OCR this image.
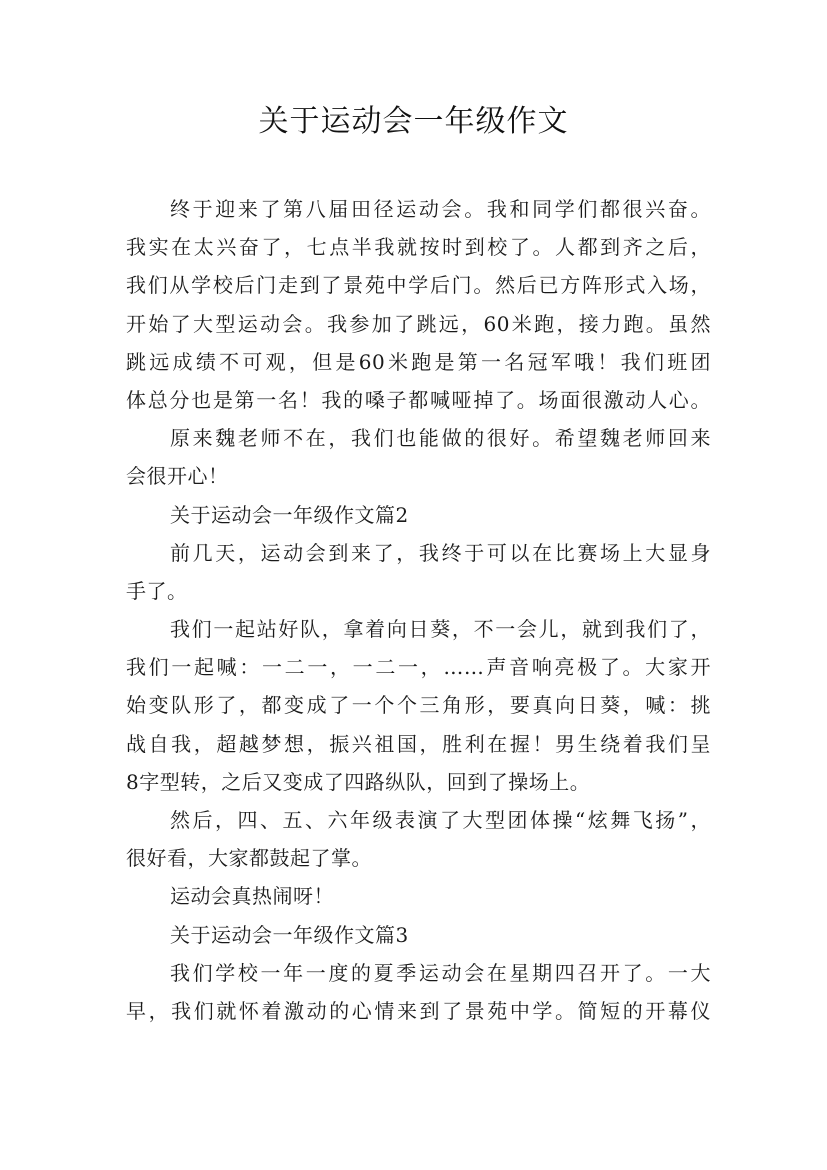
关于运动会一年级作文
终于迎来了第八届田径运动会。我和同学们都很兴奋。
我实在太兴奋了，七点半我就按时到校了。人都到齐之后，
我们从学校后门走到了景苑中学后门。然后已方阵形式入场，
开始了大型运动会。我参加了跳远，60米跑，接力跑。虽然
跳远成绩不可观，但是60米跑是第一名冠军哦！我们班团
体总分也是第一名！我的嗓子都喊哑掉了。场面很激动人心。
原来魏老师不在，我们也能做的很好。希望魏老师回来
会很开心！
关于运动会一年级作文篇2
前几天，运动会到来了，我终于可以在比赛场上大显身
手了。
我们一起站好队，拿着向日葵，不一会儿，就到我们了，
我们一起喊：一二一，一二一，……声音响亮极了。大家开
始变队形了，都变成了一个个三角形，要真向日葵，喊：挑
战自我，超越梦想，振兴祖国，胜利在握！男生绕着我们呈
8字型转，之后又变成了四路纵队，回到了操场上。
然后，四、五、六年级表演了大型团体操“炫舞飞扬”，
很好看，大家都鼓起了掌。
运动会真热闹呀！
关于运动会一年级作文篇3
我们学校一年一度的夏季运动会在星期四召开了。一大
早，我们就怀着激动的心情来到了景苑中学。简短的开幕仪
